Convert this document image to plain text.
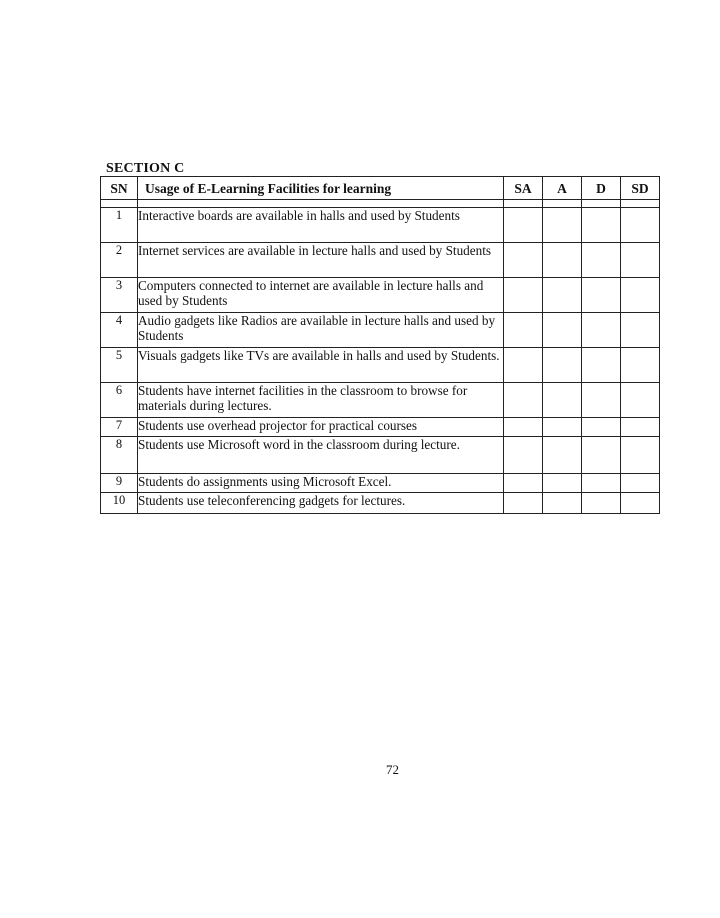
SECTION C
SN	Usage of E-Learning Facilities for learning	SA	A	D	SD

1	Interactive boards are available in halls and used by Students				
2	Internet services are available in lecture halls and used by Students				
3	Computers connected to internet are available in lecture halls and used by Students				
4	Audio gadgets like Radios are available in lecture halls and used by Students				
5	Visuals gadgets like TVs are available in halls and used by Students.				
6	Students have internet facilities in the classroom to browse for materials during lectures.				
7	Students use overhead projector for practical courses				
8	Students use Microsoft word in the classroom during lecture.				
9	Students do assignments using Microsoft Excel.				
10	Students use teleconferencing gadgets for lectures.				
72
